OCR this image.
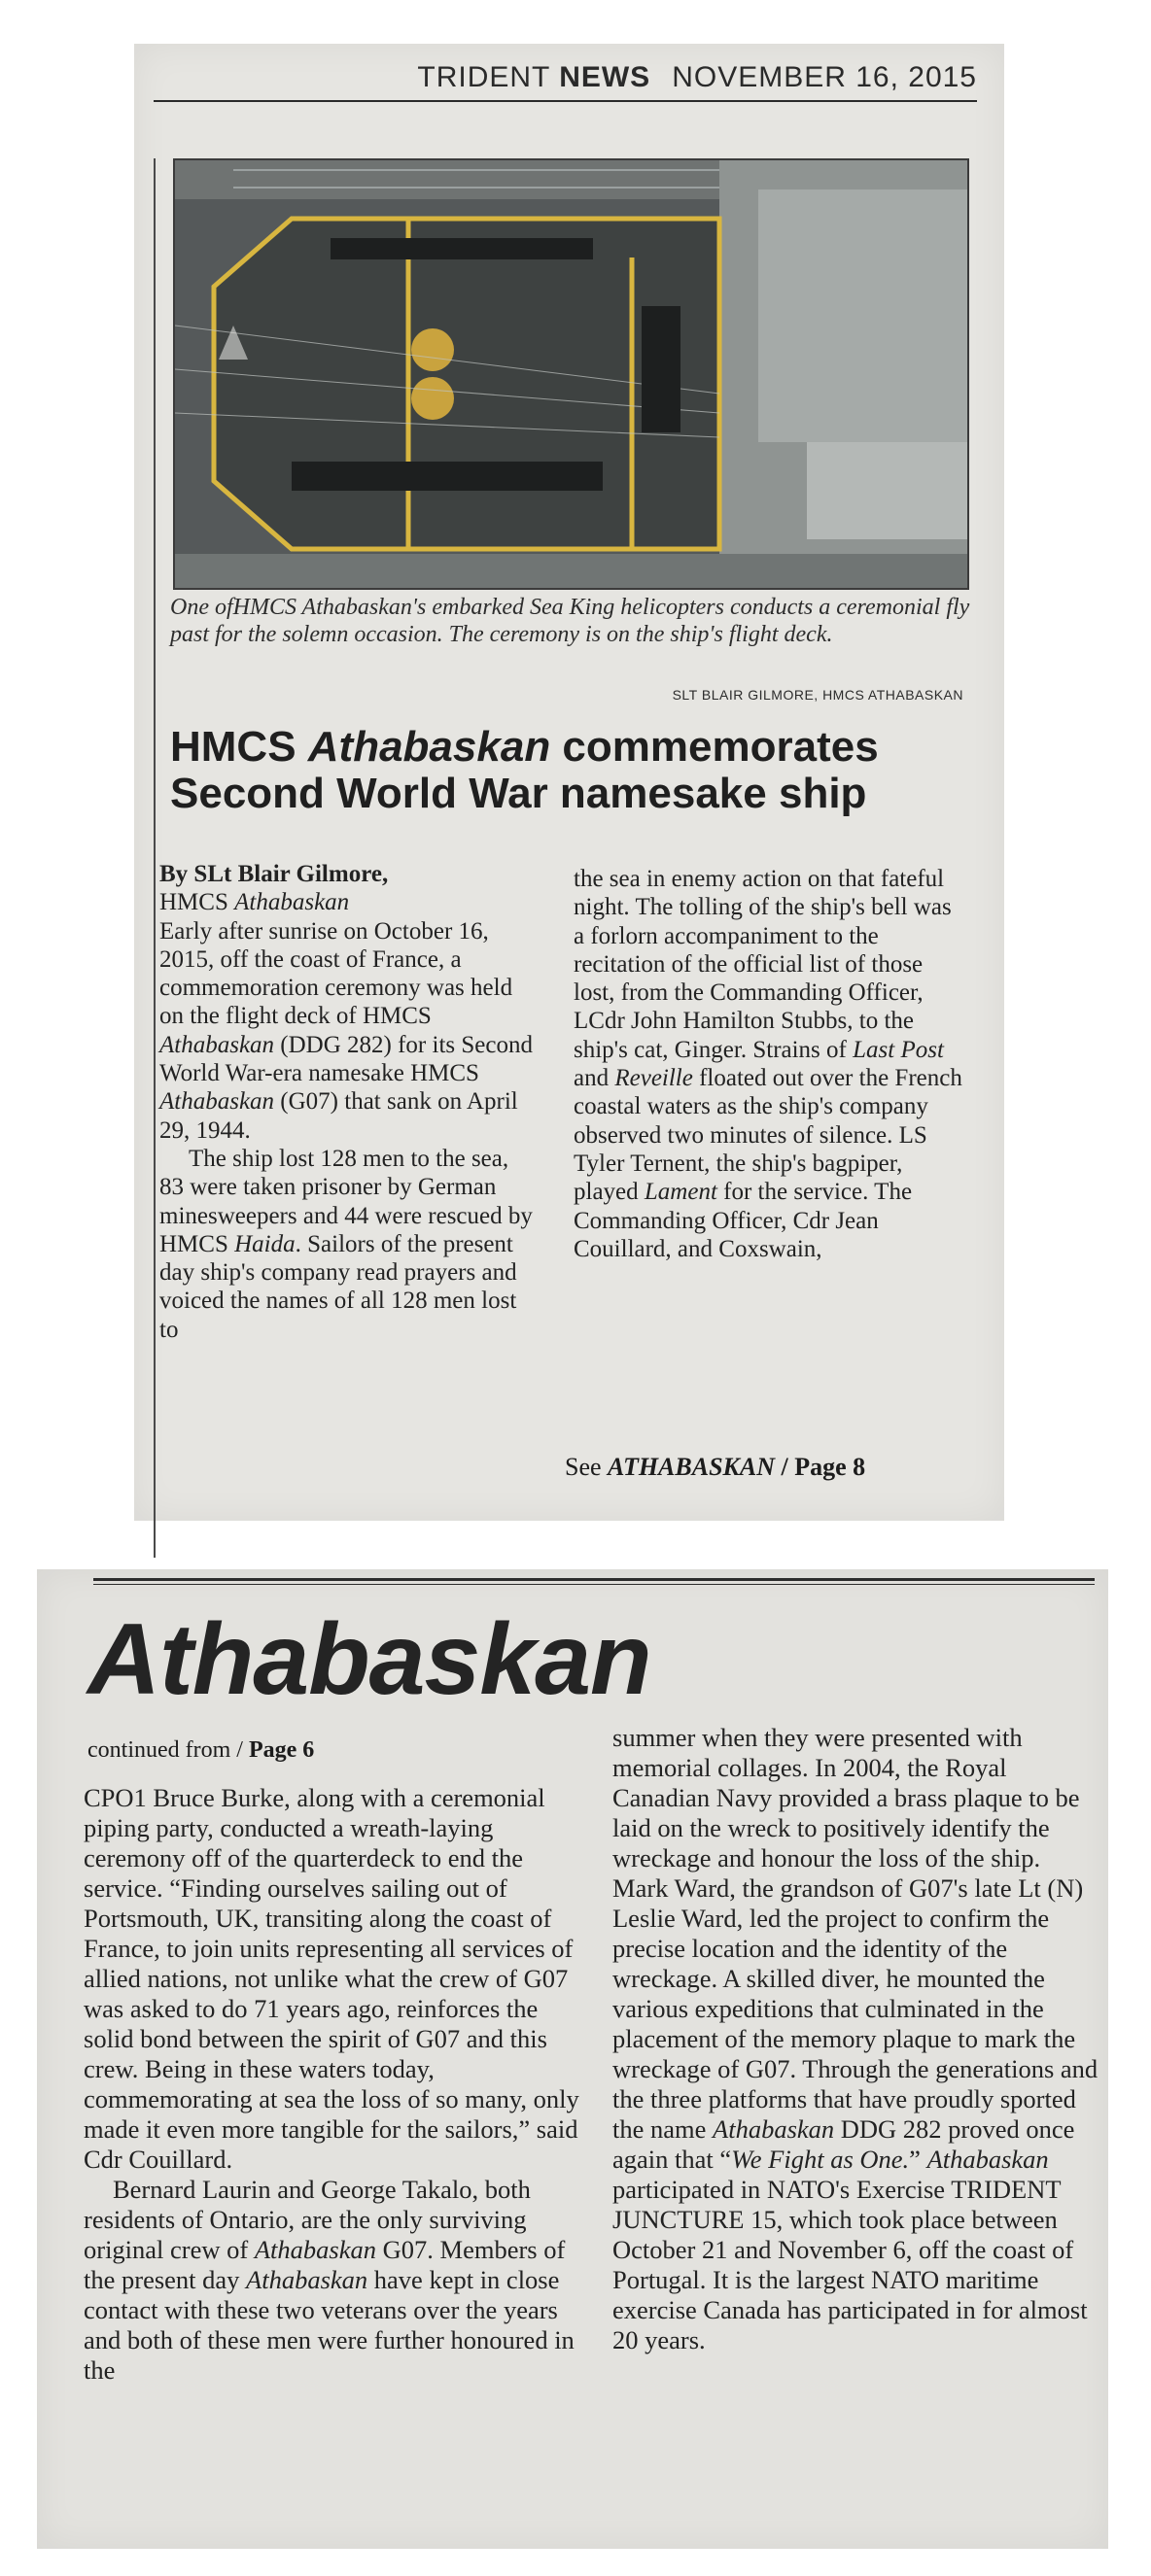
TRIDENT NEWS NOVEMBER 16, 2015
One ofHMCS Athabaskan's embarked Sea King helicopters conducts a ceremonial fly past for the solemn occasion. The ceremony is on the ship's flight deck.
SLT BLAIR GILMORE, HMCS ATHABASKAN
HMCS Athabaskan commemorates
Second World War namesake ship

By SLt Blair Gilmore,

HMCS Athabaskan

Early after sunrise on October 16, 2015, off the coast of France, a commemoration ceremony was held on the flight deck of HMCS Athabaskan (DDG 282) for its Second World War-era namesake HMCS Athabaskan (G07) that sank on April 29, 1944.

The ship lost 128 men to the sea, 83 were taken prisoner by German minesweepers and 44 were rescued by HMCS Haida. Sailors of the present day ship's company read prayers and voiced the names of all 128 men lost to

the sea in enemy action on that fateful night. The tolling of the ship's bell was a forlorn accompaniment to the recitation of the official list of those lost, from the Commanding Officer, LCdr John Hamilton Stubbs, to the ship's cat, Ginger. Strains of Last Post and Reveille floated out over the French coastal waters as the ship's company observed two minutes of silence. LS Tyler Ternent, the ship's bagpiper, played Lament for the service. The Commanding Officer, Cdr Jean Couillard, and Coxswain,

See ATHABASKAN / Page 8
Athabaskan
continued from / Page 6

CPO1 Bruce Burke, along with a ceremonial piping party, conducted a wreath-laying ceremony off of the quarterdeck to end the service. “Finding ourselves sailing out of Portsmouth, UK, transiting along the coast of France, to join units representing all services of allied nations, not unlike what the crew of G07 was asked to do 71 years ago, reinforces the solid bond between the spirit of G07 and this crew. Being in these waters today, commemorating at sea the loss of so many, only made it even more tangible for the sailors,” said Cdr Couillard.

Bernard Laurin and George Takalo, both residents of Ontario, are the only surviving original crew of Athabaskan G07. Members of the present day Athabaskan have kept in close contact with these two veterans over the years and both of these men were further honoured in the

summer when they were presented with memorial collages. In 2004, the Royal Canadian Navy provided a brass plaque to be laid on the wreck to positively identify the wreckage and honour the loss of the ship. Mark Ward, the grandson of G07's late Lt (N) Leslie Ward, led the project to confirm the precise location and the identity of the wreckage. A skilled diver, he mounted the various expeditions that culminated in the placement of the memory plaque to mark the wreckage of G07. Through the generations and the three platforms that have proudly sported the name Athabaskan DDG 282 proved once again that “We Fight as One.” Athabaskan participated in NATO's Exercise TRIDENT JUNCTURE 15, which took place between October 21 and November 6, off the coast of Portugal. It is the largest NATO maritime exercise Canada has participated in for almost 20 years.
